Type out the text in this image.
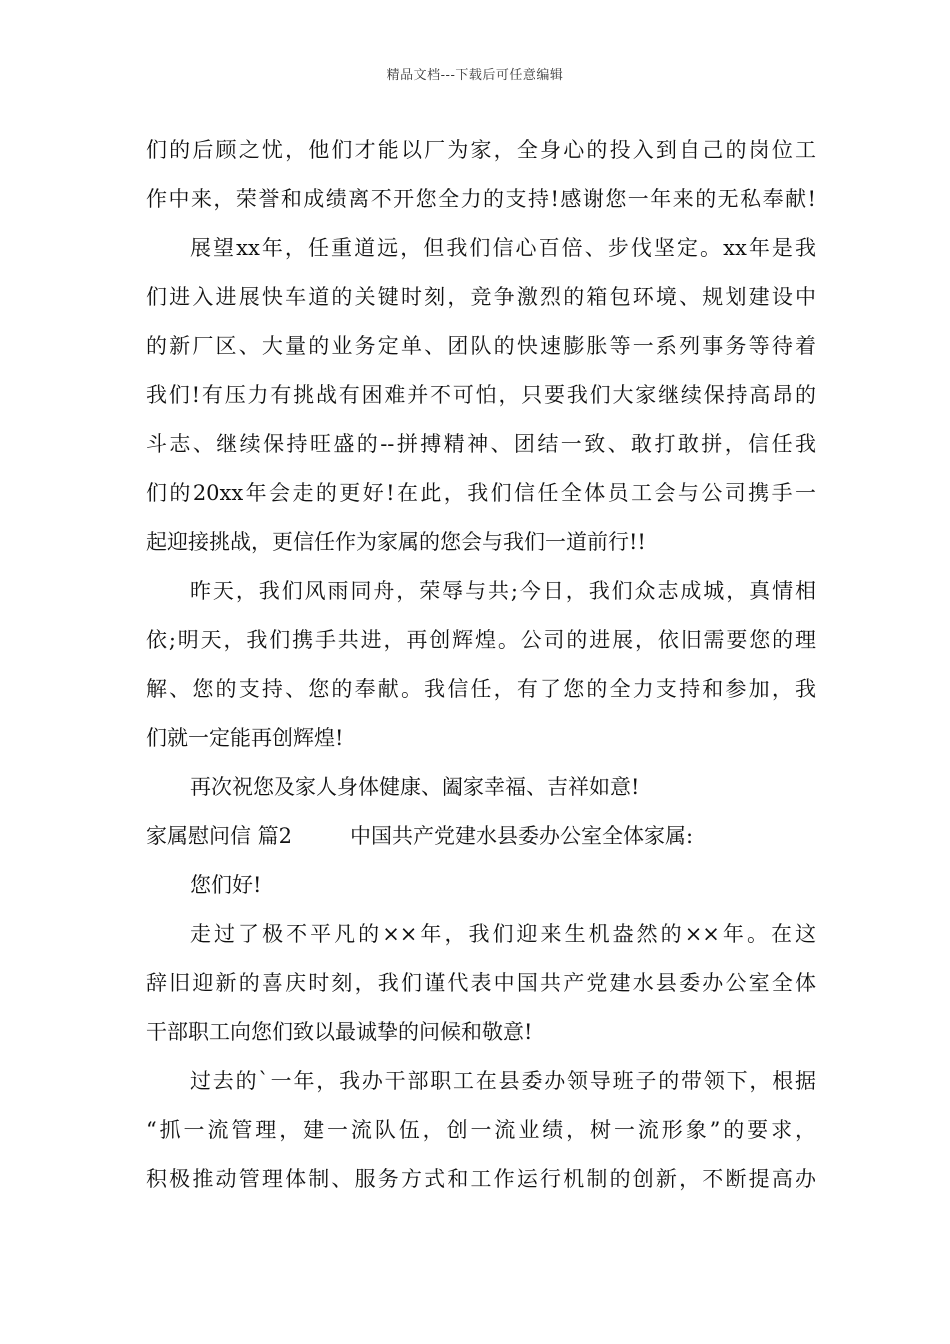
精品文档---下载后可任意编辑
们的后顾之忧，他们才能以厂为家，全身心的投入到自己的岗位工
作中来，荣誉和成绩离不开您全力的支持!感谢您一年来的无私奉献!
展望xx年，任重道远，但我们信心百倍、步伐坚定。xx年是我
们进入进展快车道的关键时刻，竞争激烈的箱包环境、规划建设中
的新厂区、大量的业务定单、团队的快速膨胀等一系列事务等待着
我们!有压力有挑战有困难并不可怕，只要我们大家继续保持高昂的
斗志、继续保持旺盛的--拼搏精神、团结一致、敢打敢拼，信任我
们的20xx年会走的更好!在此，我们信任全体员工会与公司携手一
起迎接挑战，更信任作为家属的您会与我们一道前行!!
昨天，我们风雨同舟，荣辱与共;今日，我们众志成城，真情相
依;明天，我们携手共进，再创辉煌。公司的进展，依旧需要您的理
解、您的支持、您的奉献。我信任，有了您的全力支持和参加，我
们就一定能再创辉煌!
再次祝您及家人身体健康、阖家幸福、吉祥如意!
家属慰问信 篇2	中国共产党建水县委办公室全体家属:
您们好!
走过了极不平凡的××年，我们迎来生机盎然的××年。在这
辞旧迎新的喜庆时刻，我们谨代表中国共产党建水县委办公室全体
干部职工向您们致以最诚挚的问候和敬意!
过去的`一年，我办干部职工在县委办领导班子的带领下，根据
“抓一流管理，建一流队伍，创一流业绩，树一流形象”的要求，
积极推动管理体制、服务方式和工作运行机制的创新，不断提高办
